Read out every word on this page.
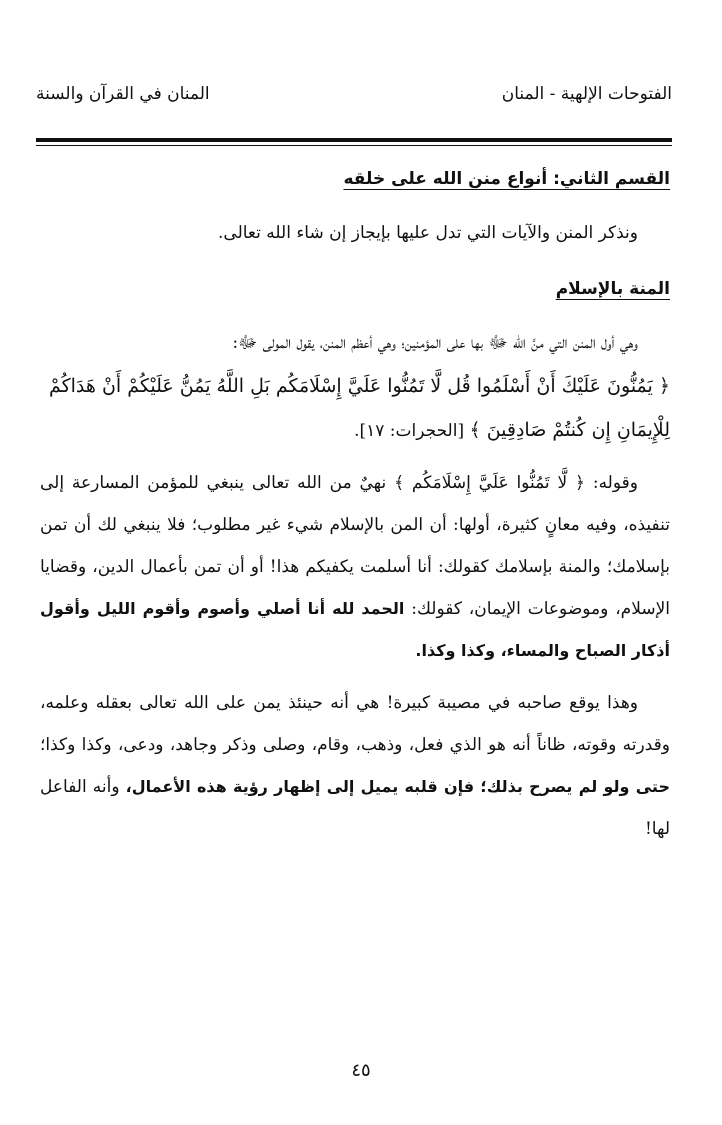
الفتوحات الإلهية - المنان
المنان في القرآن والسنة

القسم الثاني: أنواع منن الله على خلقه

ونذكر المنن والآيات التي تدل عليها بإيجاز إن شاء الله تعالى.

المنة بالإسلام

وهي أول المنن التي منَّ الله ﷻ بها على المؤمنين؛ وهي أعظم المنن، يقول المولى ﷻ:

﴿ يَمُنُّونَ عَلَيْكَ أَنْ أَسْلَمُوا قُل لَّا تَمُنُّوا عَلَيَّ إِسْلَامَكُم بَلِ اللَّهُ يَمُنُّ عَلَيْكُمْ أَنْ هَدَاكُمْ

لِلْإِيمَانِ إِن كُنتُمْ صَادِقِينَ ﴾ [الحجرات: ١٧].

وقوله: ﴿ لَّا تَمُنُّوا عَلَيَّ إِسْلَامَكُم ﴾ نهيٌ من الله تعالى ينبغي للمؤمن المسارعة إلى تنفيذه، وفيه معانٍ كثيرة، أولها: أن المن بالإسلام شيء غير مطلوب؛ فلا ينبغي لك أن تمن بإسلامك؛ والمنة بإسلامك كقولك: أنا أسلمت يكفيكم هذا! أو أن تمن بأعمال الدين، وقضايا الإسلام، وموضوعات الإيمان، كقولك: الحمد لله أنا أصلي وأصوم وأقوم الليل وأقول أذكار الصباح والمساء، وكذا وكذا.

وهذا يوقع صاحبه في مصيبة كبيرة! هي أنه حينئذ يمن على الله تعالى بعقله وعلمه، وقدرته وقوته، ظاناً أنه هو الذي فعل، وذهب، وقام، وصلى وذكر وجاهد، ودعى، وكذا وكذا؛ حتى ولو لم يصرح بذلك؛ فإن قلبه يميل إلى إظهار رؤية هذه الأعمال، وأنه الفاعل لها!

٤٥
